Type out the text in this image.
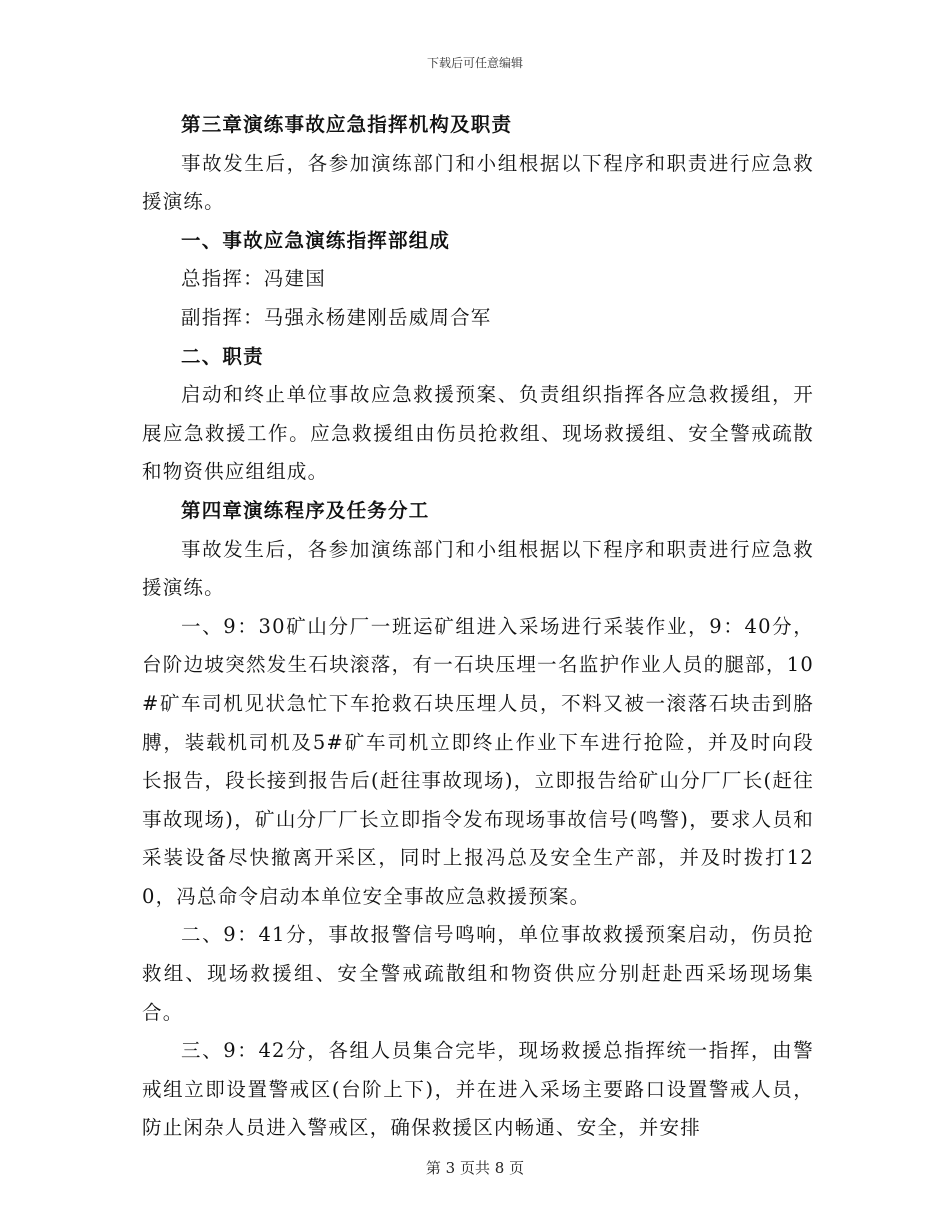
下载后可任意编辑

第三章演练事故应急指挥机构及职责

事故发生后，各参加演练部门和小组根据以下程序和职责进行应急救援演练。

一、事故应急演练指挥部组成

总指挥：冯建国

副指挥：马强永杨建刚岳威周合军

二、职责

启动和终止单位事故应急救援预案、负责组织指挥各应急救援组，开展应急救援工作。应急救援组由伤员抢救组、现场救援组、安全警戒疏散和物资供应组组成。

第四章演练程序及任务分工

事故发生后，各参加演练部门和小组根据以下程序和职责进行应急救援演练。

一、9：30矿山分厂一班运矿组进入采场进行采装作业，9：40分，台阶边坡突然发生石块滚落，有一石块压埋一名监护作业人员的腿部，10#矿车司机见状急忙下车抢救石块压埋人员，不料又被一滚落石块击到胳膊，装载机司机及5#矿车司机立即终止作业下车进行抢险，并及时向段长报告，段长接到报告后(赶往事故现场)，立即报告给矿山分厂厂长(赶往事故现场)，矿山分厂厂长立即指令发布现场事故信号(鸣警)，要求人员和采装设备尽快撤离开采区，同时上报冯总及安全生产部，并及时拨打120，冯总命令启动本单位安全事故应急救援预案。

二、9：41分，事故报警信号鸣响，单位事故救援预案启动，伤员抢救组、现场救援组、安全警戒疏散组和物资供应分别赶赴西采场现场集合。

三、9：42分，各组人员集合完毕，现场救援总指挥统一指挥，由警戒组立即设置警戒区(台阶上下)，并在进入采场主要路口设置警戒人员，防止闲杂人员进入警戒区，确保救援区内畅通、安全，并安排

第 3 页共 8 页
